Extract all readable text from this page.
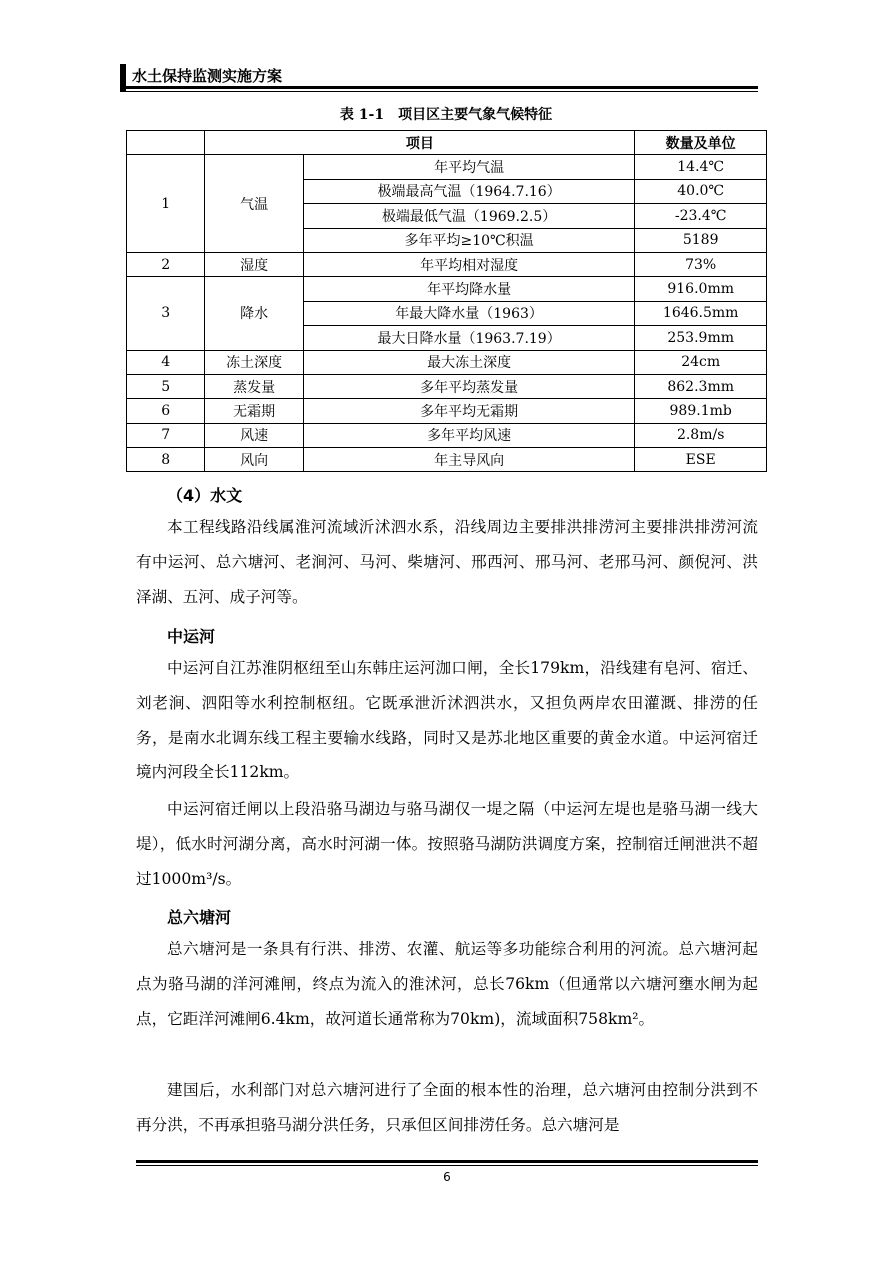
水土保持监测实施方案
表 1-1　项目区主要气象气候特征
	项目		数量及单位
1	气温	年平均气温	14.4℃
		极端最高气温（1964.7.16）	40.0℃
		极端最低气温（1969.2.5）	-23.4℃
		多年平均≥10℃积温	5189
2	湿度	年平均相对湿度	73%
3	降水	年平均降水量	916.0mm
		年最大降水量（1963）	1646.5mm
		最大日降水量（1963.7.19）	253.9mm
4	冻土深度	最大冻土深度	24cm
5	蒸发量	多年平均蒸发量	862.3mm
6	无霜期	多年平均无霜期	989.1mb
7	风速	多年平均风速	2.8m/s
8	风向	年主导风向	ESE
（4）水文

本工程线路沿线属淮河流域沂沭泗水系，沿线周边主要排洪排涝河主要排洪排涝河流有中运河、总六塘河、老涧河、马河、柴塘河、邢西河、邢马河、老邢马河、颜倪河、洪泽湖、五河、成子河等。

中运河

中运河自江苏淮阴枢纽至山东韩庄运河泇口闸，全长179km，沿线建有皂河、宿迁、刘老涧、泗阳等水利控制枢纽。它既承泄沂沭泗洪水，又担负两岸农田灌溉、排涝的任务，是南水北调东线工程主要输水线路，同时又是苏北地区重要的黄金水道。中运河宿迁境内河段全长112km。

中运河宿迁闸以上段沿骆马湖边与骆马湖仅一堤之隔（中运河左堤也是骆马湖一线大堤），低水时河湖分离，高水时河湖一体。按照骆马湖防洪调度方案，控制宿迁闸泄洪不超过1000m³/s。

总六塘河

总六塘河是一条具有行洪、排涝、农灌、航运等多功能综合利用的河流。总六塘河起点为骆马湖的洋河滩闸，终点为流入的淮沭河，总长76km（但通常以六塘河壅水闸为起点，它距洋河滩闸6.4km，故河道长通常称为70km)，流域面积758km²。

建国后，水利部门对总六塘河进行了全面的根本性的治理，总六塘河由控制分洪到不再分洪，不再承担骆马湖分洪任务，只承但区间排涝任务。总六塘河是

6
